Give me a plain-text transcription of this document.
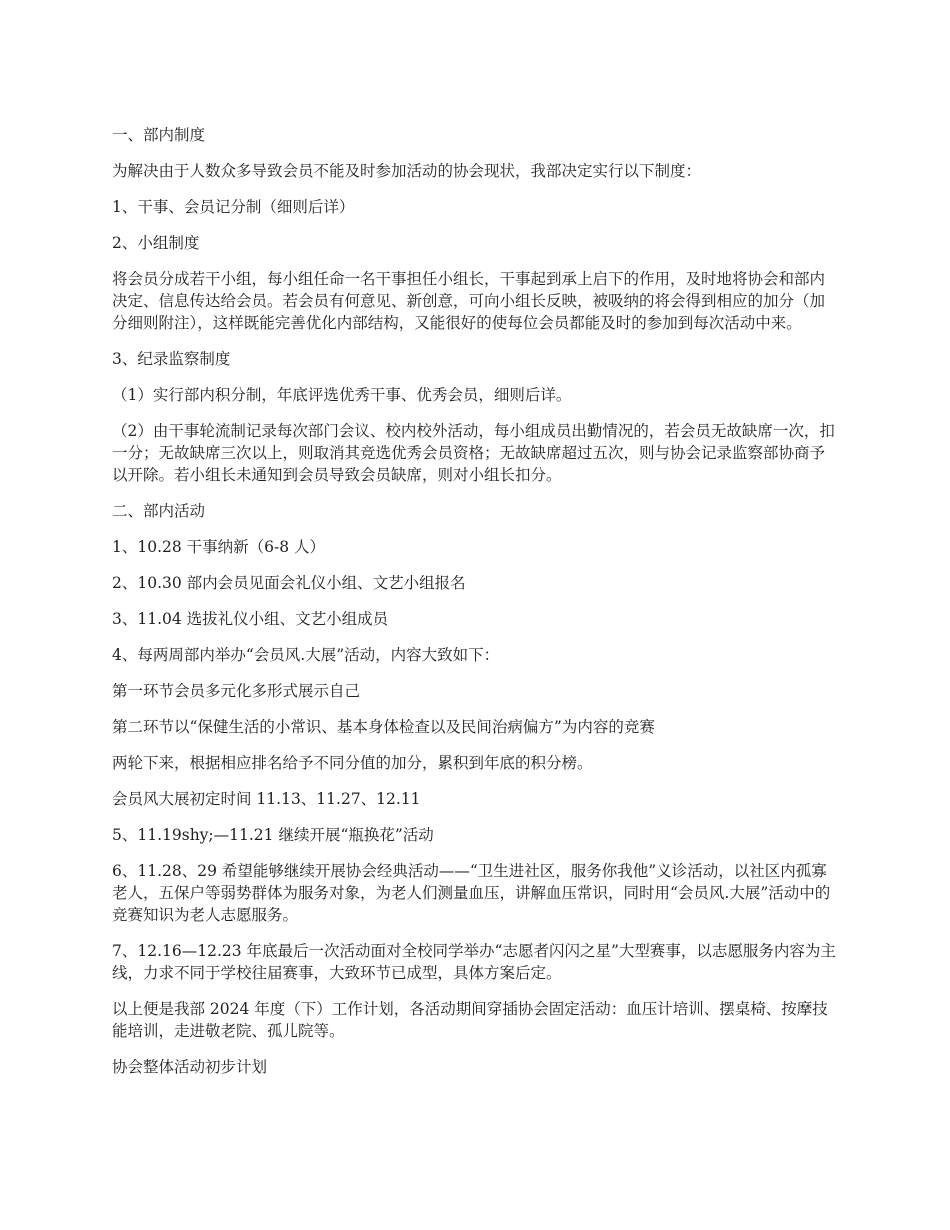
一、部内制度

为解决由于人数众多导致会员不能及时参加活动的协会现状，我部决定实行以下制度：

1、干事、会员记分制（细则后详）

2、小组制度

将会员分成若干小组，每小组任命一名干事担任小组长，干事起到承上启下的作用，及时地将协会和部内决定、信息传达给会员。若会员有何意见、新创意，可向小组长反映，被吸纳的将会得到相应的加分（加分细则附注），这样既能完善优化内部结构，又能很好的使每位会员都能及时的参加到每次活动中来。

3、纪录监察制度

（1）实行部内积分制，年底评选优秀干事、优秀会员，细则后详。

（2）由干事轮流制记录每次部门会议、校内校外活动，每小组成员出勤情况的，若会员无故缺席一次，扣一分；无故缺席三次以上，则取消其竞选优秀会员资格；无故缺席超过五次，则与协会记录监察部协商予以开除。若小组长未通知到会员导致会员缺席，则对小组长扣分。

二、部内活动

1、10.28 干事纳新（6-8 人）

2、10.30 部内会员见面会礼仪小组、文艺小组报名

3、11.04 选拔礼仪小组、文艺小组成员

4、每两周部内举办“会员风.大展”活动，内容大致如下：

第一环节会员多元化多形式展示自己

第二环节以“保健生活的小常识、基本身体检查以及民间治病偏方”为内容的竞赛

两轮下来，根据相应排名给予不同分值的加分，累积到年底的积分榜。

会员风大展初定时间 11.13、11.27、12.11

5、11.19shy;—11.21 继续开展“瓶换花”活动

6、11.28、29 希望能够继续开展协会经典活动——“卫生进社区，服务你我他”义诊活动，以社区内孤寡老人，五保户等弱势群体为服务对象，为老人们测量血压，讲解血压常识，同时用“会员风.大展”活动中的竞赛知识为老人志愿服务。

7、12.16—12.23 年底最后一次活动面对全校同学举办“志愿者闪闪之星”大型赛事，以志愿服务内容为主线，力求不同于学校往届赛事，大致环节已成型，具体方案后定。

以上便是我部 2024 年度（下）工作计划，各活动期间穿插协会固定活动：血压计培训、摆桌椅、按摩技能培训，走进敬老院、孤儿院等。

协会整体活动初步计划
